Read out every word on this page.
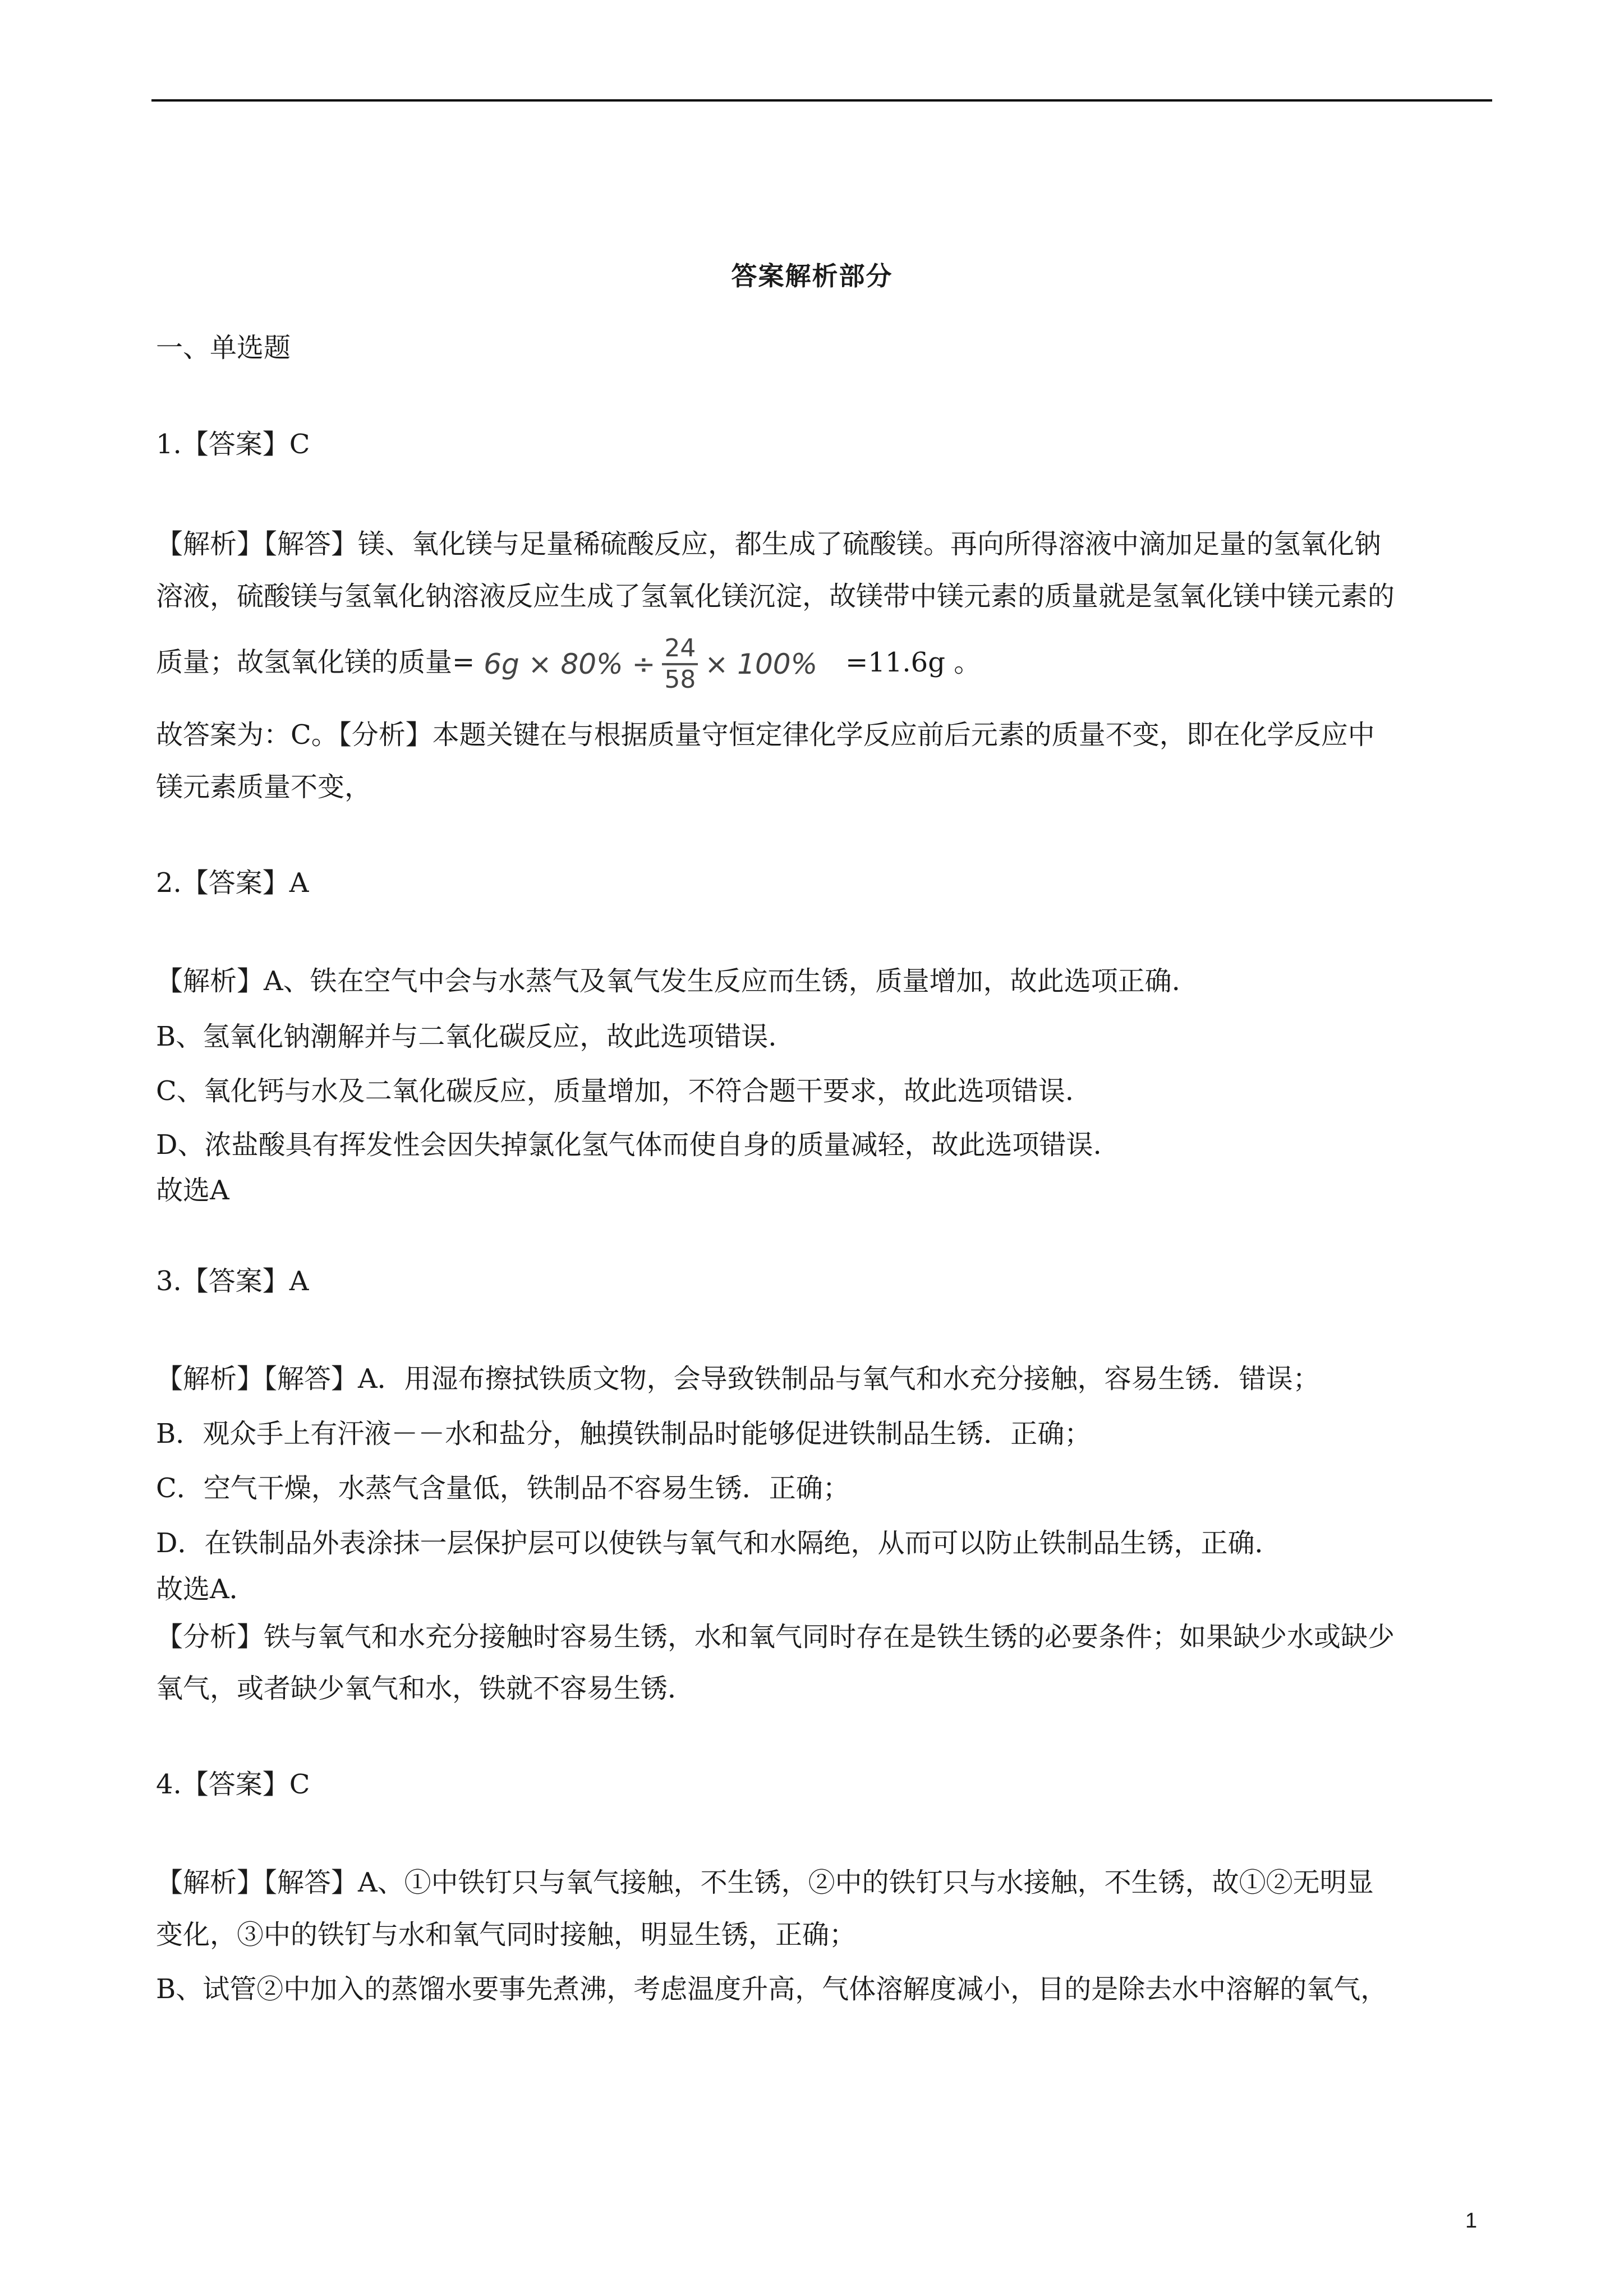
答案解析部分
一、单选题
1.【答案】C
【解析】【解答】镁、氧化镁与足量稀硫酸反应，都生成了硫酸镁。再向所得溶液中滴加足量的氢氧化钠
溶液，硫酸镁与氢氧化钠溶液反应生成了氢氧化镁沉淀，故镁带中镁元素的质量就是氢氧化镁中镁元素的
质量；故氢氧化镁的质量= $6g \times 80\% \div \frac{24}{58} \times 100\% =11.6g$ 。
故答案为：C。【分析】本题关键在与根据质量守恒定律化学反应前后元素的质量不变，即在化学反应中
镁元素质量不变，
2.【答案】A
【解析】A、铁在空气中会与水蒸气及氧气发生反应而生锈，质量增加，故此选项正确.
B、氢氧化钠潮解并与二氧化碳反应，故此选项错误.
C、氧化钙与水及二氧化碳反应，质量增加，不符合题干要求，故此选项错误.
D、浓盐酸具有挥发性会因失掉氯化氢气体而使自身的质量减轻，故此选项错误.
故选A
3.【答案】A
【解析】【解答】A．用湿布擦拭铁质文物，会导致铁制品与氧气和水充分接触，容易生锈．错误；
B．观众手上有汗液－－水和盐分，触摸铁制品时能够促进铁制品生锈．正确；
C．空气干燥，水蒸气含量低，铁制品不容易生锈．正确；
D．在铁制品外表涂抹一层保护层可以使铁与氧气和水隔绝，从而可以防止铁制品生锈，正确．
故选A．
【分析】铁与氧气和水充分接触时容易生锈，水和氧气同时存在是铁生锈的必要条件；如果缺少水或缺少
氧气，或者缺少氧气和水，铁就不容易生锈．
4.【答案】C
【解析】【解答】A、①中铁钉只与氧气接触，不生锈，②中的铁钉只与水接触，不生锈，故①②无明显
变化，③中的铁钉与水和氧气同时接触，明显生锈，正确；
B、试管②中加入的蒸馏水要事先煮沸，考虑温度升高，气体溶解度减小，目的是除去水中溶解的氧气，
1
